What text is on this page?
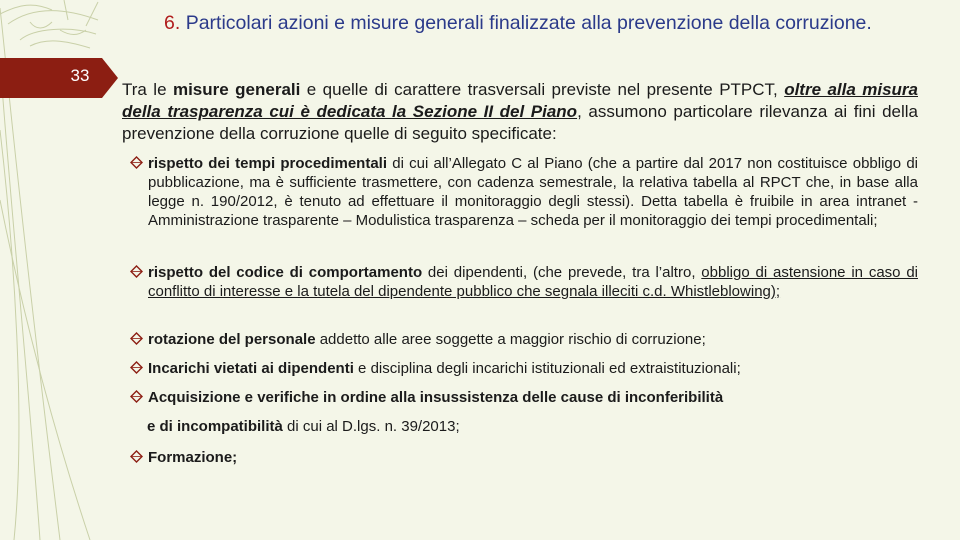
33
6. Particolari azioni e misure generali finalizzate alla prevenzione della corruzione.
Tra le misure generali e quelle di carattere trasversali previste nel presente PTPCT, oltre alla misura della trasparenza cui è dedicata la Sezione II del Piano, assumono particolare rilevanza ai fini della prevenzione della corruzione quelle di seguito specificate:
rispetto dei tempi procedimentali di cui all’Allegato C al Piano (che a partire dal 2017 non costituisce obbligo di pubblicazione, ma è sufficiente trasmettere, con cadenza semestrale, la relativa tabella al RPCT che, in base alla legge n. 190/2012, è tenuto ad effettuare il monitoraggio degli stessi). Detta tabella è fruibile in area intranet - Amministrazione trasparente – Modulistica trasparenza – scheda per il monitoraggio dei tempi procedimentali;
rispetto del codice di comportamento dei dipendenti, (che prevede, tra l’altro, obbligo di astensione in caso di conflitto di interesse e la tutela del dipendente pubblico che segnala illeciti c.d. Whistleblowing);
rotazione del personale addetto alle aree soggette a maggior rischio di corruzione;
Incarichi vietati ai dipendenti e disciplina degli incarichi istituzionali ed extraistituzionali;
Acquisizione e verifiche in ordine alla insussistenza delle cause di inconferibilità
e di incompatibilità di cui al D.lgs. n. 39/2013;
Formazione;
